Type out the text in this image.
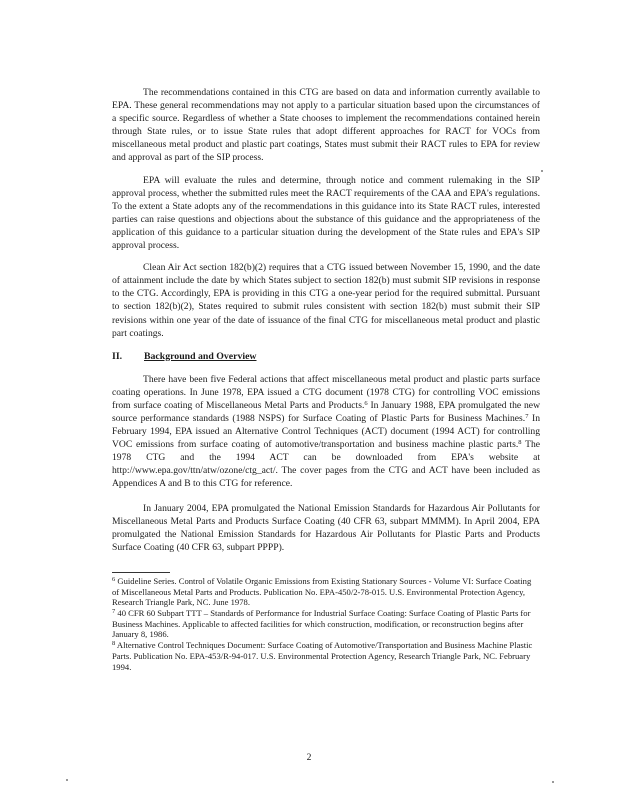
The recommendations contained in this CTG are based on data and information currently available to EPA. These general recommendations may not apply to a particular situation based upon the circumstances of a specific source. Regardless of whether a State chooses to implement the recommendations contained herein through State rules, or to issue State rules that adopt different approaches for RACT for VOCs from miscellaneous metal product and plastic part coatings, States must submit their RACT rules to EPA for review and approval as part of the SIP process.

EPA will evaluate the rules and determine, through notice and comment rulemaking in the SIP approval process, whether the submitted rules meet the RACT requirements of the CAA and EPA's regulations. To the extent a State adopts any of the recommendations in this guidance into its State RACT rules, interested parties can raise questions and objections about the substance of this guidance and the appropriateness of the application of this guidance to a particular situation during the development of the State rules and EPA's SIP approval process.

Clean Air Act section 182(b)(2) requires that a CTG issued between November 15, 1990, and the date of attainment include the date by which States subject to section 182(b) must submit SIP revisions in response to the CTG. Accordingly, EPA is providing in this CTG a one-year period for the required submittal. Pursuant to section 182(b)(2), States required to submit rules consistent with section 182(b) must submit their SIP revisions within one year of the date of issuance of the final CTG for miscellaneous metal product and plastic part coatings.

II. Background and Overview

There have been five Federal actions that affect miscellaneous metal product and plastic parts surface coating operations. In June 1978, EPA issued a CTG document (1978 CTG) for controlling VOC emissions from surface coating of Miscellaneous Metal Parts and Products.$^6$ In January 1988, EPA promulgated the new source performance standards (1988 NSPS) for Surface Coating of Plastic Parts for Business Machines.$^7$ In February 1994, EPA issued an Alternative Control Techniques (ACT) document (1994 ACT) for controlling VOC emissions from surface coating of automotive/transportation and business machine plastic parts.$^8$ The 1978 CTG and the 1994 ACT can be downloaded from EPA's website at http://www.epa.gov/ttn/atw/ozone/ctg_act/. The cover pages from the CTG and ACT have been included as Appendices A and B to this CTG for reference.

In January 2004, EPA promulgated the National Emission Standards for Hazardous Air Pollutants for Miscellaneous Metal Parts and Products Surface Coating (40 CFR 63, subpart MMMM). In April 2004, EPA promulgated the National Emission Standards for Hazardous Air Pollutants for Plastic Parts and Products Surface Coating (40 CFR 63, subpart PPPP).

$^6$ Guideline Series. Control of Volatile Organic Emissions from Existing Stationary Sources - Volume VI: Surface Coating of Miscellaneous Metal Parts and Products. Publication No. EPA-450/2-78-015. U.S. Environmental Protection Agency, Research Triangle Park, NC. June 1978.

$^7$ 40 CFR 60 Subpart TTT – Standards of Performance for Industrial Surface Coating: Surface Coating of Plastic Parts for Business Machines. Applicable to affected facilities for which construction, modification, or reconstruction begins after January 8, 1986.

$^8$ Alternative Control Techniques Document: Surface Coating of Automotive/Transportation and Business Machine Plastic Parts. Publication No. EPA-453/R-94-017. U.S. Environmental Protection Agency, Research Triangle Park, NC. February 1994.

2
